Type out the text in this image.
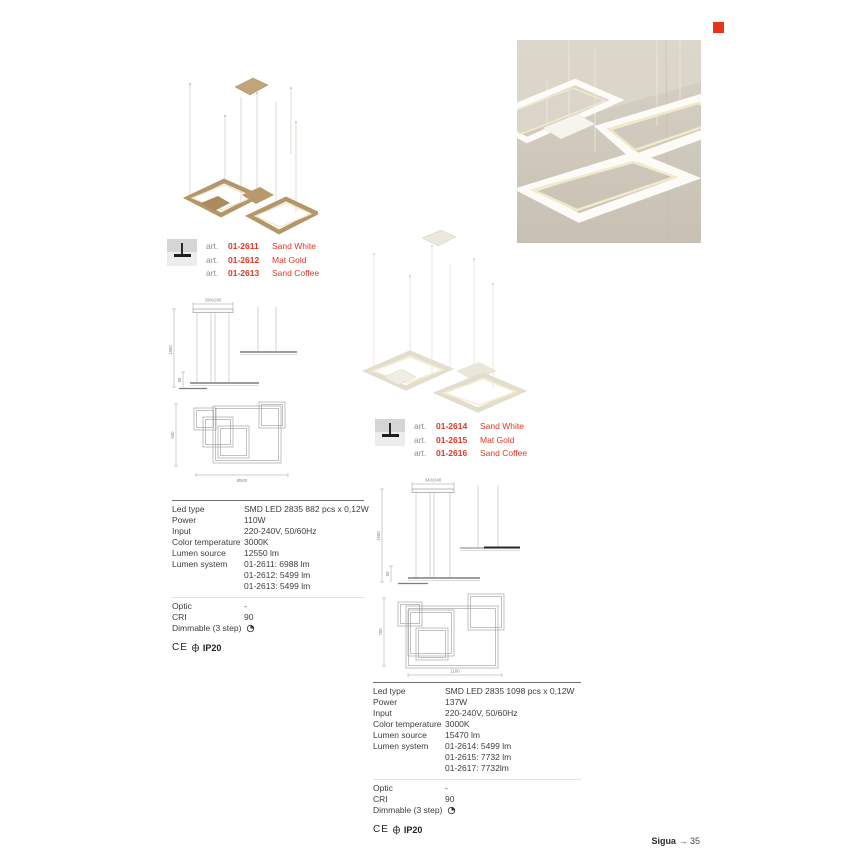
art.	01-2611	Sand White
art.	01-2612	Mat Gold
art.	01-2613	Sand Coffee
290x290
1500
50
600
Ø900
Led type	SMD LED 2835 882 pcs x 0,12W
Power	110W
Input	220-240V, 50/60Hz
Color temperature 3000K
Lumen source	12550 lm
Lumen system	01-2611: 6988 lm
01-2612: 5499 lm
01-2613: 5499 lm
Optic	-
CRI	90
Dimmable (3 step)
CE IP20
art.	01-2614	Sand White
art.	01-2615	Mat Gold
art.	01-2616	Sand Coffee
340x340
1580
50
700
1100
Led type	SMD LED 2835 1098 pcs x 0,12W
Power	137W
Input	220-240V, 50/60Hz
Color temperature 3000K
Lumen source	15470 lm
Lumen system	01-2614: 5499 lm
01-2615: 7732 lm
01-2617: 7732lm
Optic	-
CRI	90
Dimmable (3 step)
CE IP20
Sigua → 35
